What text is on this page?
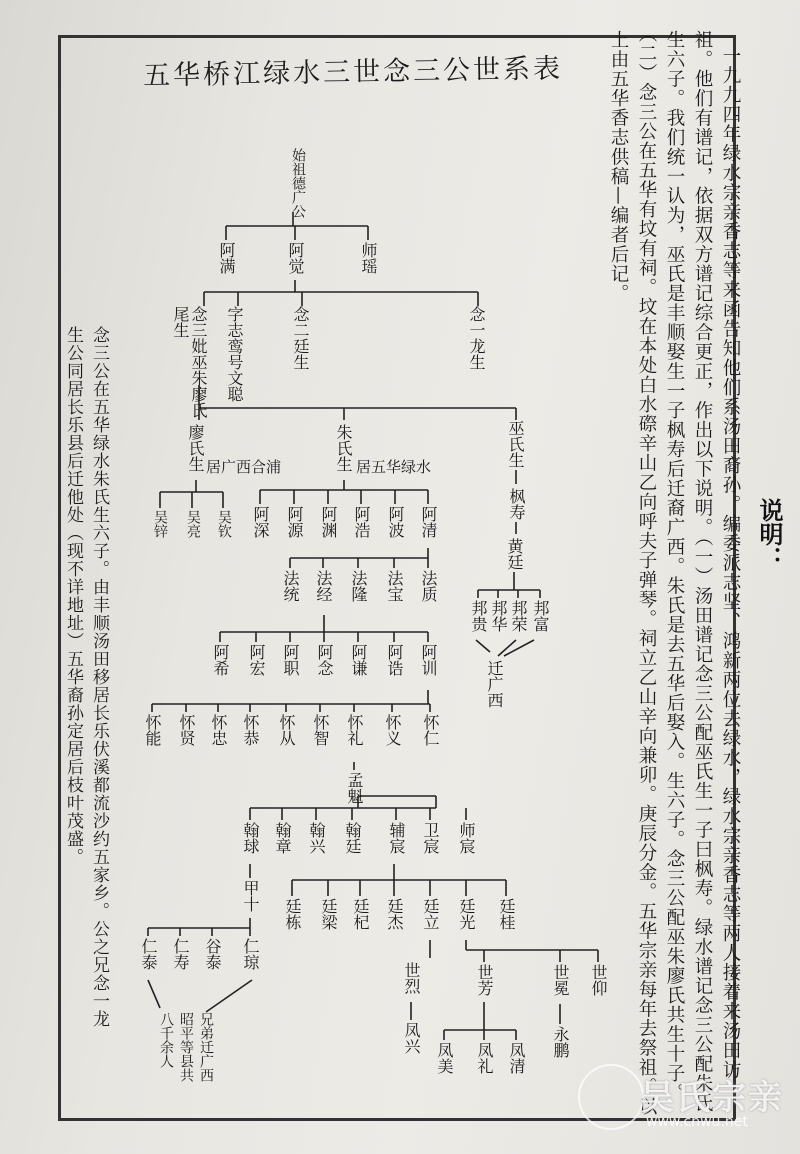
五华桥江绿水三世念三公世系表
说明：
一九九四年绿水宗亲香志等来函告知他们系汤田裔孙。编委派志坚、鸿新两位去绿水，绿水宗亲香志等两人接着来汤田访
祖。他们有谱记，依据双方谱记综合更正，作出以下说明。（一）汤田谱记念三公配巫氏生一子曰枫寿。绿水谱记念三公配朱氏
生六子。我们统一认为，巫氏是丰顺娶生一子枫寿后迁裔广西。朱氏是去五华后娶入。生六子。念三公配巫朱廖氏共生十子。
（二）念三公在五华有坟有祠。坟在本处白水磜辛山乙向呼夫子弹琴。祠立乙山辛向兼卯。庚辰分金。五华宗亲每年去祭祖。以
上由五华香志供稿—编者后记。
念三公在五华绿水朱氏生六子。由丰顺汤田移居长乐伏溪都流沙约五家乡。公之兄念一龙
生公同居长乐县后迁他处（现不详地址）五华裔孙定居后枝叶茂盛。
始祖德广公
阿满	阿觉	师瑶
念三妣巫朱廖氏
尾生 字志鸾号文聪	念二廷生	念一龙生
廖氏生 居广西合浦	朱氏生 居五华绿水	巫氏生
吴锌 吴亮 吴钦 阿深 阿源 阿渊 阿浩 阿波 阿清
枫寿
黄廷
邦贵 邦华 邦荣 邦富
迁广西
法统 法经 法隆 法宝 法质
阿希 阿宏 阿职 阿念 阿谦 阿诰 阿训
怀能 怀贤 怀忠 怀恭 怀从 怀智 怀礼 怀义 怀仁
孟魁
翰球 翰章 翰兴 翰廷 辅宸 卫宸 师宸
甲十
仁泰 仁寿 谷泰 仁琼
兄弟迁广西
昭平等县共
八千余人
廷栋 廷梁 廷杞 廷杰 廷立 廷光 廷桂
世烈
凤兴
世芳
凤美 凤礼 凤清
世冕
永鹏
世仰
吴氏宗亲
www.cnwu.net
